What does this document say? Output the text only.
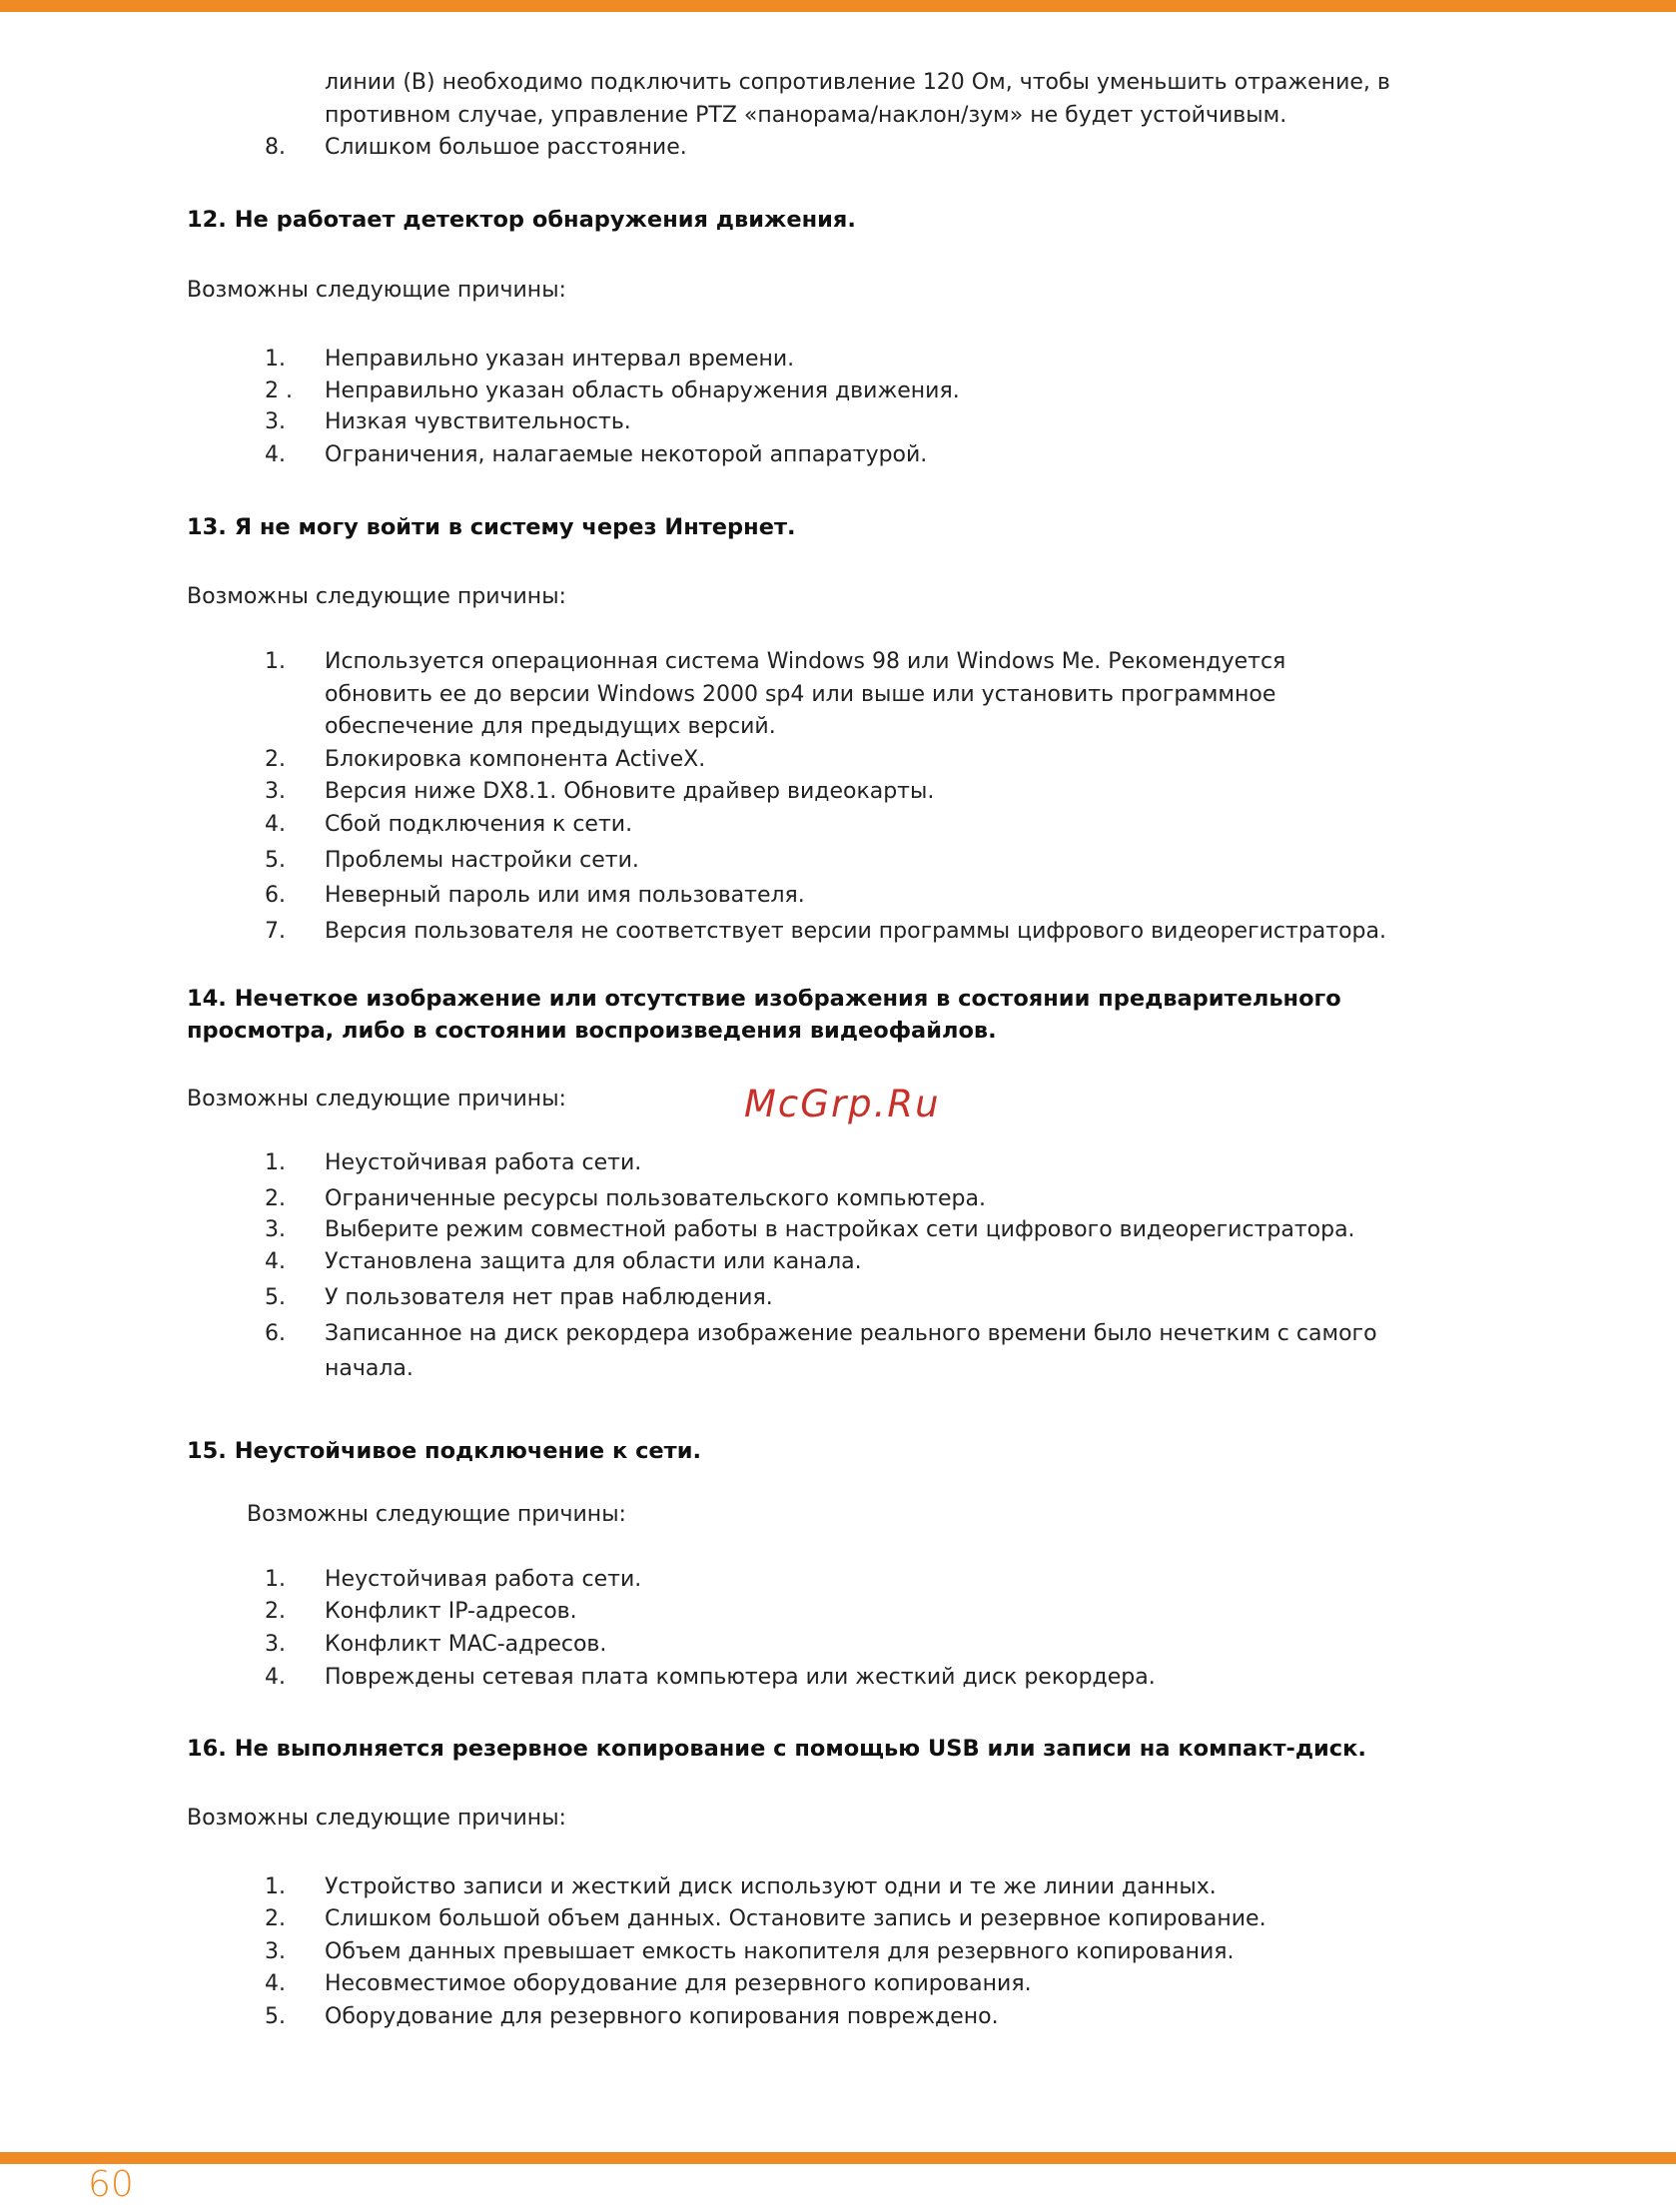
линии (B) необходимо подключить сопротивление 120 Ом, чтобы уменьшить отражение, в
противном случае, управление PTZ «панорама/наклон/зум» не будет устойчивым.
8. Слишком большое расстояние.
12. Не работает детектор обнаружения движения.
Возможны следующие причины:
1. Неправильно указан интервал времени.
2 . Неправильно указан область обнаружения движения.
3. Низкая чувствительность.
4. Ограничения, налагаемые некоторой аппаратурой.
13. Я не могу войти в систему через Интернет.
Возможны следующие причины:
1. Используется операционная система Windows 98 или Windows Me. Рекомендуется
обновить ее до версии Windows 2000 sp4 или выше или установить программное
обеспечение для предыдущих версий.
2. Блокировка компонента ActiveX.
3. Версия ниже DX8.1. Обновите драйвер видеокарты.
4. Сбой подключения к сети.
5. Проблемы настройки сети.
6. Неверный пароль или имя пользователя.
7. Версия пользователя не соответствует версии программы цифрового видеорегистратора.
14. Нечеткое изображение или отсутствие изображения в состоянии предварительного
просмотра, либо в состоянии воспроизведения видеофайлов.
Возможны следующие причины:	McGrp.Ru
1. Неустойчивая работа сети.
2. Ограниченные ресурсы пользовательского компьютера.
3. Выберите режим совместной работы в настройках сети цифрового видеорегистратора.
4. Установлена защита для области или канала.
5. У пользователя нет прав наблюдения.
6. Записанное на диск рекордера изображение реального времени было нечетким с самого
начала.
15. Неустойчивое подключение к сети.
Возможны следующие причины:
1. Неустойчивая работа сети.
2. Конфликт IP-адресов.
3. Конфликт MAC-адресов.
4. Повреждены сетевая плата компьютера или жесткий диск рекордера.
16. Не выполняется резервное копирование с помощью USB или записи на компакт-диск.
Возможны следующие причины:
1. Устройство записи и жесткий диск используют одни и те же линии данных.
2. Слишком большой объем данных. Остановите запись и резервное копирование.
3. Объем данных превышает емкость накопителя для резервного копирования.
4. Несовместимое оборудование для резервного копирования.
5. Оборудование для резервного копирования повреждено.
60
